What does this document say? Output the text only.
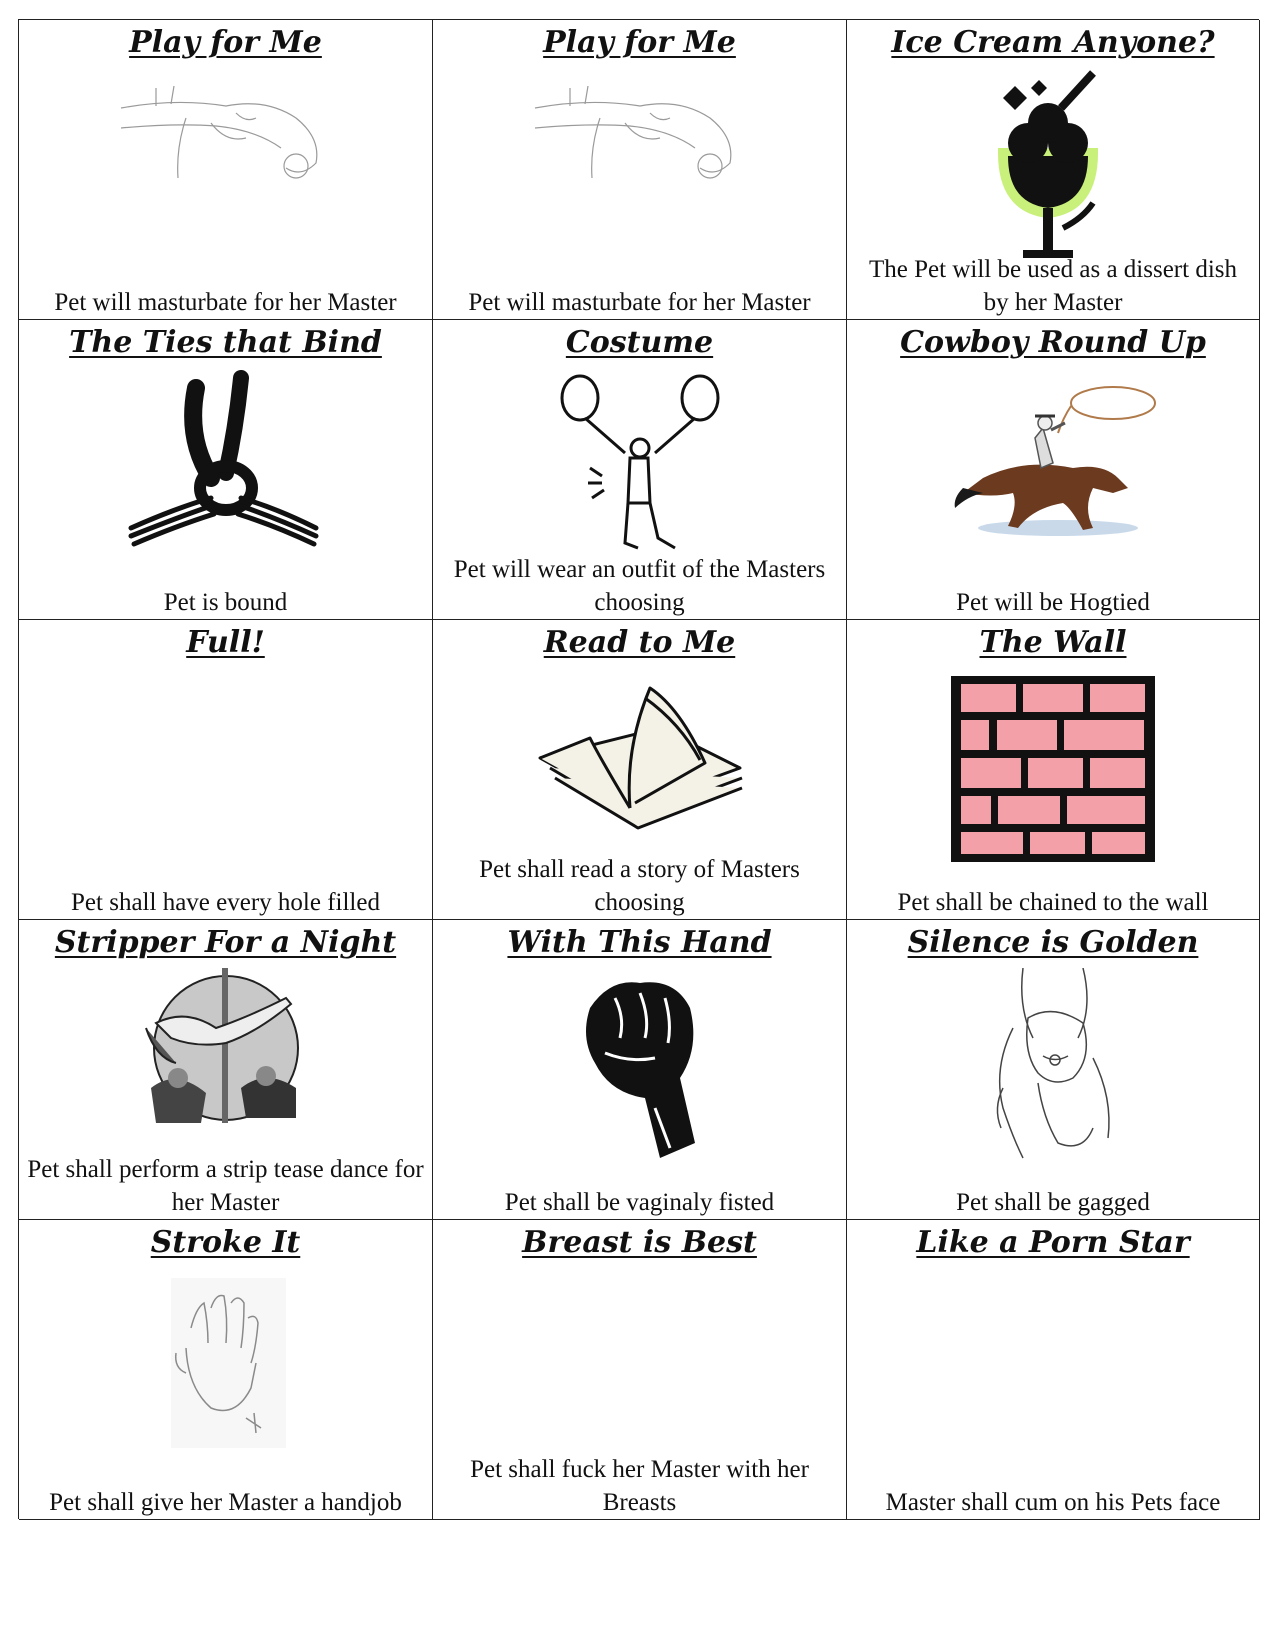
Play for Me
Pet will masturbate for her Master
Play for Me
Pet will masturbate for her Master
Ice Cream Anyone?
The Pet will be used as a dissert dish by her Master
The Ties that Bind
Pet is bound
Costume
Pet will wear an outfit of the Masters choosing
Cowboy Round Up
Pet will be Hogtied
Full!
Pet shall have every hole filled
Read to Me
Pet shall read a story of Masters choosing
The Wall
Pet shall be chained to the wall
Stripper For a Night
Pet shall perform a strip tease dance for her Master
With This Hand
Pet shall be vaginaly fisted
Silence is Golden
Pet shall be gagged
Stroke It
Pet shall give her Master a handjob
Breast is Best
Pet shall fuck her Master with her Breasts
Like a Porn Star
Master shall cum on his Pets face
